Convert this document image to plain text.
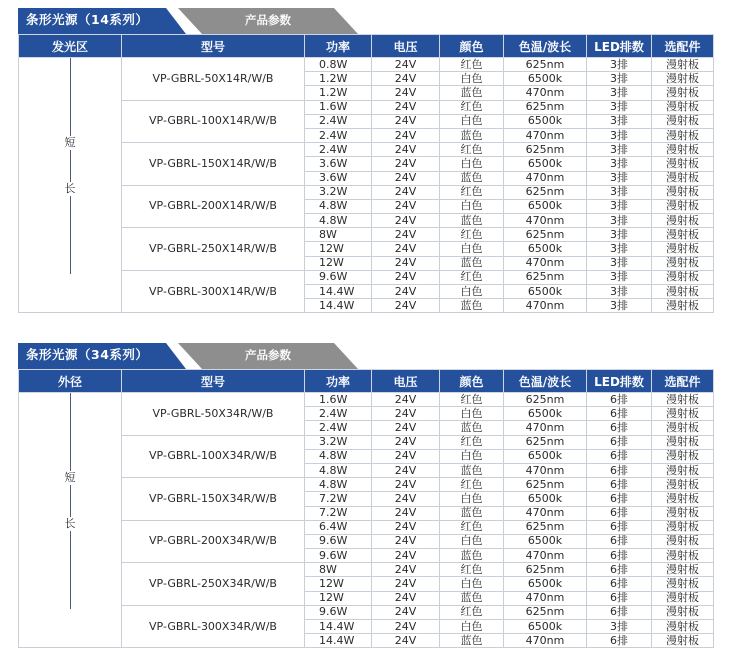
产品参数
条形光源（14系列）
发光区	型号	功率	电压	颜色	色温/波长	LED排数	选配件

短
长	VP-GBRL-50X14R/W/B	0.8W	24V	红色	625nm	3排	漫射板
		1.2W	24V	白色	6500k	3排	漫射板
		1.2W	24V	蓝色	470nm	3排	漫射板
	VP-GBRL-100X14R/W/B	1.6W	24V	红色	625nm	3排	漫射板
		2.4W	24V	白色	6500k	3排	漫射板
		2.4W	24V	蓝色	470nm	3排	漫射板
	VP-GBRL-150X14R/W/B	2.4W	24V	红色	625nm	3排	漫射板
		3.6W	24V	白色	6500k	3排	漫射板
		3.6W	24V	蓝色	470nm	3排	漫射板
	VP-GBRL-200X14R/W/B	3.2W	24V	红色	625nm	3排	漫射板
		4.8W	24V	白色	6500k	3排	漫射板
		4.8W	24V	蓝色	470nm	3排	漫射板
	VP-GBRL-250X14R/W/B	8W	24V	红色	625nm	3排	漫射板
		12W	24V	白色	6500k	3排	漫射板
		12W	24V	蓝色	470nm	3排	漫射板
	VP-GBRL-300X14R/W/B	9.6W	24V	红色	625nm	3排	漫射板
		14.4W	24V	白色	6500k	3排	漫射板
		14.4W	24V	蓝色	470nm	3排	漫射板
产品参数
条形光源（34系列）
外径	型号	功率	电压	颜色	色温/波长	LED排数	选配件

短
长	VP-GBRL-50X34R/W/B	1.6W	24V	红色	625nm	6排	漫射板
		2.4W	24V	白色	6500k	6排	漫射板
		2.4W	24V	蓝色	470nm	6排	漫射板
	VP-GBRL-100X34R/W/B	3.2W	24V	红色	625nm	6排	漫射板
		4.8W	24V	白色	6500k	6排	漫射板
		4.8W	24V	蓝色	470nm	6排	漫射板
	VP-GBRL-150X34R/W/B	4.8W	24V	红色	625nm	6排	漫射板
		7.2W	24V	白色	6500k	6排	漫射板
		7.2W	24V	蓝色	470nm	6排	漫射板
	VP-GBRL-200X34R/W/B	6.4W	24V	红色	625nm	6排	漫射板
		9.6W	24V	白色	6500k	6排	漫射板
		9.6W	24V	蓝色	470nm	6排	漫射板
	VP-GBRL-250X34R/W/B	8W	24V	红色	625nm	6排	漫射板
		12W	24V	白色	6500k	6排	漫射板
		12W	24V	蓝色	470nm	6排	漫射板
	VP-GBRL-300X34R/W/B	9.6W	24V	红色	625nm	6排	漫射板
		14.4W	24V	白色	6500k	3排	漫射板
		14.4W	24V	蓝色	470nm	6排	漫射板
